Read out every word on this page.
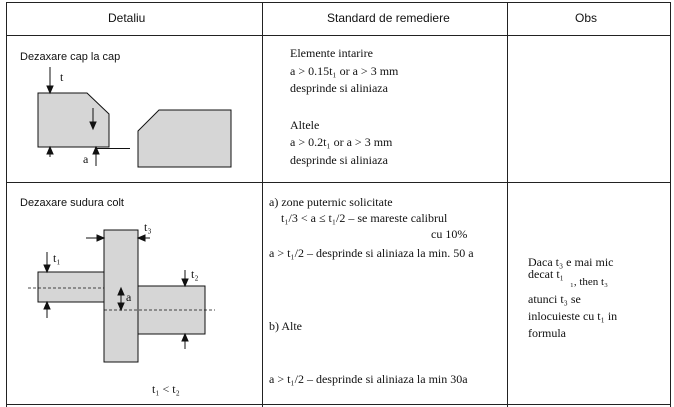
Detaliu	Standard de remediere	Obs
Dezaxare cap la cap
t
a
Elemente intarire
a > 0.15t₁ or a > 3 mm
desprinde si aliniaza
Altele
a > 0.2t₁ or a > 3 mm
desprinde si aliniaza
Dezaxare sudura colt
t₃
t₁
t₂
a
t₁ < t₂
a) zone puternic solicitate
t₁/3 < a ≤ t₁/2 – se mareste calibrul
cu 10%
a > t₁/2 – desprinde si aliniaza la min. 50 a
b) Alte
a > t₁/2 – desprinde si aliniaza la min 30a
Daca t₃ e mai mic
decat t₁
₁, then t₃
atunci t₃ se
inlocuieste cu t₁ in
formula
